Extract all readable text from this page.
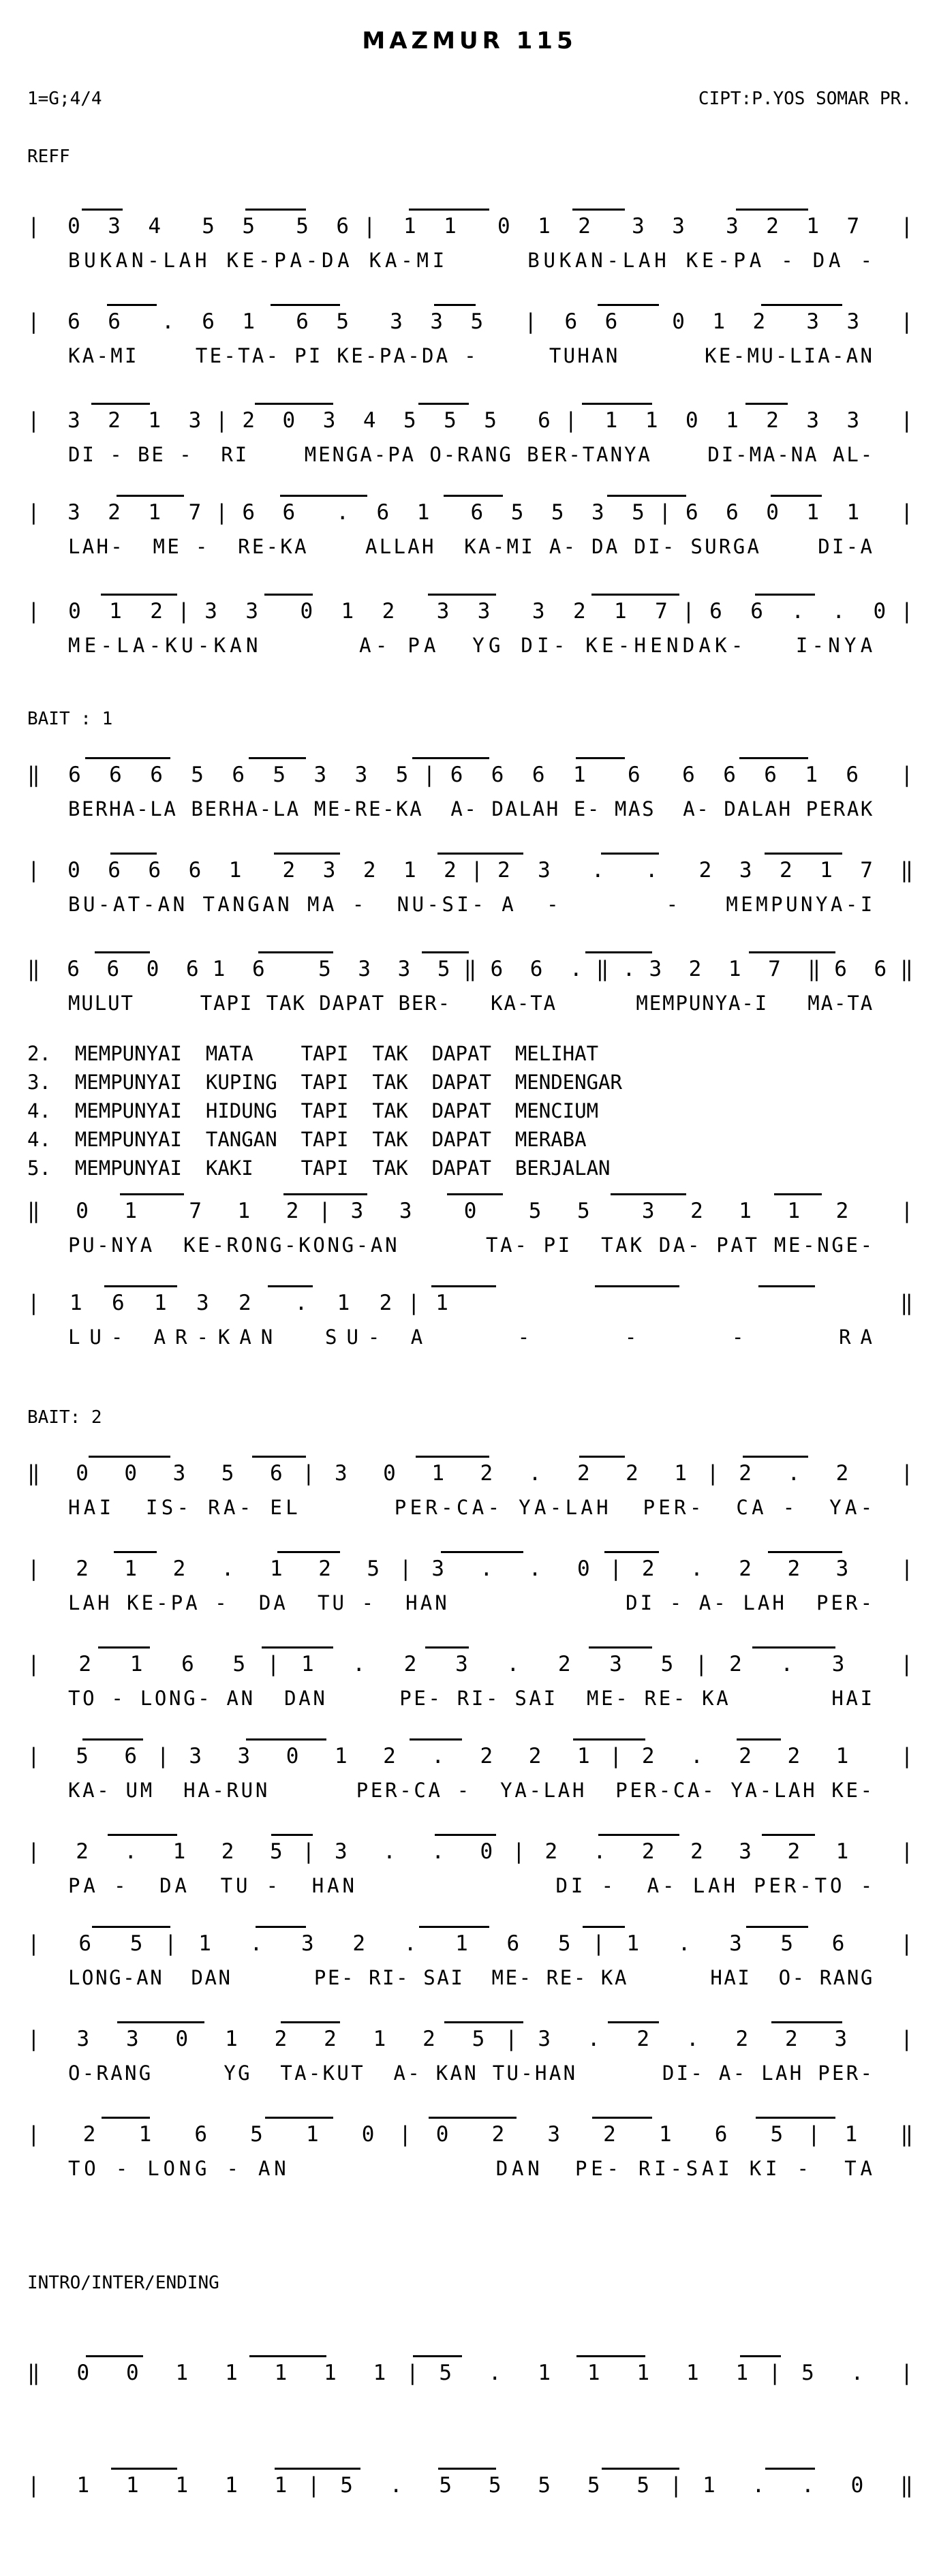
MAZMUR 115
1=G;4/4	CIPT:P.YOS SOMAR PR.
REFF
BAIT : 1
BAIT: 2
INTRO/INTER/ENDING
|  0  3  4   5  5   5  6 |  1  1   0  1  2   3  3   3  2  1  7   |
BUKAN-LAH KE-PA-DA KA-MI     BUKAN-LAH KE-PA - DA -
|  6  6   .  6  1   6  5   3  3  5   |  6  6    0  1  2   3  3   |
KA-MI    TE-TA- PI KE-PA-DA -     TUHAN      KE-MU-LIA-AN
|  3  2  1  3 | 2  0  3  4  5  5  5   6 |  1  1  0  1  2  3  3   |
DI - BE -  RI    MENGA-PA O-RANG BER-TANYA    DI-MA-NA AL-
|  3  2  1  7 | 6  6   .  6  1   6  5  5  3  5 | 6  6  0  1  1   |
LAH-  ME -  RE-KA    ALLAH  KA-MI A- DA DI- SURGA    DI-A
|  0  1  2 | 3  3   0  1  2   3  3   3  2  1  7 | 6  6  .  .  0 |
ME-LA-KU-KAN      A- PA  YG DI- KE-HENDAK-   I-NYA
‖  6  6  6  5  6  5  3  3  5 | 6  6  6  1   6   6  6  6  1  6   |
BERHA-LA BERHA-LA ME-RE-KA  A- DALAH E- MAS  A- DALAH PERAK
|  0  6  6  6  1   2  3  2  1  2 | 2  3   .   .   2  3  2  1  7  ‖
BU-AT-AN TANGAN MA -  NU-SI- A  -       -   MEMPUNYA-I
‖  6  6  0  6 1  6    5  3  3  5 ‖ 6  6  . ‖ . 3  2  1  7  ‖ 6  6 ‖
MULUT     TAPI TAK DAPAT BER-   KA-TA      MEMPUNYA-I   MA-TA
‖  0  1   7  1  2 | 3  3   0   5  5   3  2  1  1  2   |
PU-NYA  KE-RONG-KONG-AN      TA- PI  TAK DA- PAT ME-NGE-
|  1  6  1  3  2   .  1  2 | 1                                ‖
LU- AR-KAN  SU- A    -    -    -    RA
‖  0  0  3  5  6 | 3  0  1  2  .  2  2  1 | 2  .  2   |
HAI  IS- RA- EL      PER-CA- YA-LAH  PER-  CA -  YA-
|  2  1  2  .  1  2  5 | 3  .  .  0 | 2  .  2  2  3   |
LAH KE-PA -  DA  TU -  HAN            DI - A- LAH  PER-
|  2  1  6  5 | 1  .  2  3  .  2  3  5 | 2  .  3   |
TO - LONG- AN  DAN     PE- RI- SAI  ME- RE- KA       HAI
|  5  6 | 3  3  0  1  2  .  2  2  1 | 2  .  2  2  1   |
KA- UM  HA-RUN      PER-CA -  YA-LAH  PER-CA- YA-LAH KE-
|  2  .  1  2  5 | 3  .  .  0 | 2  .  2  2  3  2  1   |
PA -  DA  TU -  HAN             DI -  A- LAH PER-TO -
|  6  5 | 1  .  3  2  .  1  6  5 | 1  .  3  5  6   |
LONG-AN  DAN      PE- RI- SAI  ME- RE- KA      HAI  O- RANG
|  3  3  0  1  2  2  1  2  5 | 3  .  2  .  2  2  3   |
O-RANG     YG  TA-KUT  A- KAN TU-HAN      DI- A- LAH PER-
|  2  1  6  5  1  0 | 0  2  3  2  1  6  5 | 1  ‖
TO - LONG - AN             DAN  PE- RI-SAI KI -  TA
‖  0  0  1  1  1  1  1 | 5  .  1  1  1  1  1 | 5  .  |
|  1  1  1  1  1 | 5  .  5  5  5  5  5 | 1  .  .  0  ‖
2.  MEMPUNYAI  MATA    TAPI  TAK  DAPAT  MELIHAT
3.  MEMPUNYAI  KUPING  TAPI  TAK  DAPAT  MENDENGAR
4.  MEMPUNYAI  HIDUNG  TAPI  TAK  DAPAT  MENCIUM
4.  MEMPUNYAI  TANGAN  TAPI  TAK  DAPAT  MERABA
5.  MEMPUNYAI  KAKI    TAPI  TAK  DAPAT  BERJALAN
